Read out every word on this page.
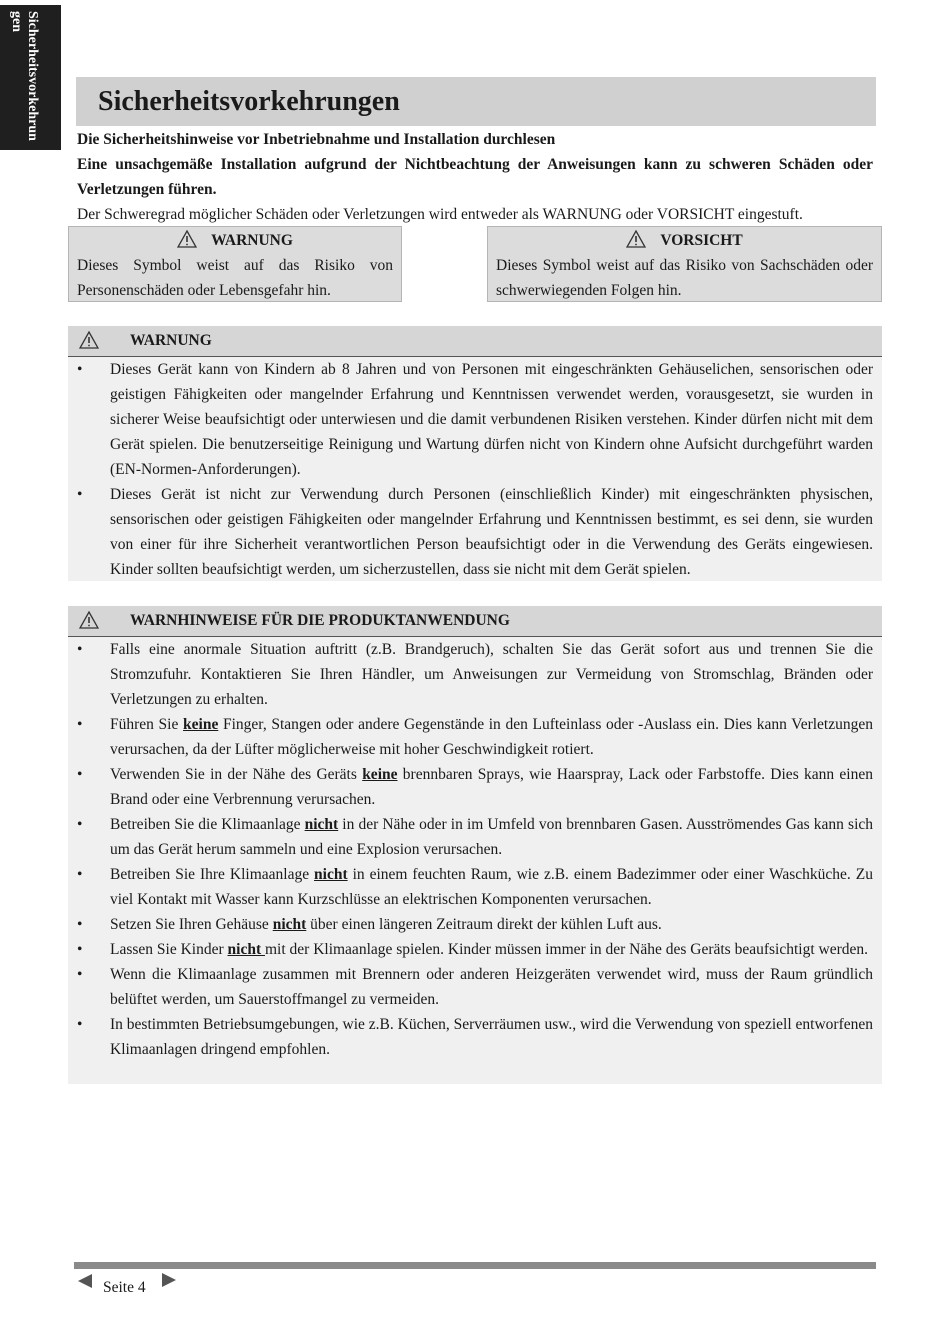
Sicherheitsvorkehrungen
Sicherheitsvorkehrungen

Die Sicherheitshinweise vor Inbetriebnahme und Installation durchlesen

Eine unsachgemäße Installation aufgrund der Nichtbeachtung der Anweisungen kann zu schweren Schäden oder Verletzungen führen.

Der Schweregrad möglicher Schäden oder Verletzungen wird entweder als WARNUNG oder VORSICHT eingestuft.

WARNUNG
Dieses Symbol weist auf das Risiko von Personenschäden oder Lebensgefahr hin.
VORSICHT
Dieses Symbol weist auf das Risiko von Sachschäden oder schwerwiegenden Folgen hin.
WARNUNG
• Dieses Gerät kann von Kindern ab 8 Jahren und von Personen mit eingeschränkten Gehäuselichen, sensorischen oder geistigen Fähigkeiten oder mangelnder Erfahrung und Kenntnissen verwendet werden, vorausgesetzt, sie wurden in sicherer Weise beaufsichtigt oder unterwiesen und die damit verbundenen Risiken verstehen. Kinder dürfen nicht mit dem Gerät spielen. Die benutzerseitige Reinigung und Wartung dürfen nicht von Kindern ohne Aufsicht durchgeführt warden (EN-Normen-Anforderungen).
• Dieses Gerät ist nicht zur Verwendung durch Personen (einschließlich Kinder) mit eingeschränkten physischen, sensorischen oder geistigen Fähigkeiten oder mangelnder Erfahrung und Kenntnissen bestimmt, es sei denn, sie wurden von einer für ihre Sicherheit verantwortlichen Person beaufsichtigt oder in die Verwendung des Geräts eingewiesen. Kinder sollten beaufsichtigt werden, um sicherzustellen, dass sie nicht mit dem Gerät spielen.
WARNHINWEISE FÜR DIE PRODUKTANWENDUNG
• Falls eine anormale Situation auftritt (z.B. Brandgeruch), schalten Sie das Gerät sofort aus und trennen Sie die Stromzufuhr. Kontaktieren Sie Ihren Händler, um Anweisungen zur Vermeidung von Stromschlag, Bränden oder Verletzungen zu erhalten.
• Führen Sie keine Finger, Stangen oder andere Gegenstände in den Lufteinlass oder -Auslass ein. Dies kann Verletzungen verursachen, da der Lüfter möglicherweise mit hoher Geschwindigkeit rotiert.
• Verwenden Sie in der Nähe des Geräts keine brennbaren Sprays, wie Haarspray, Lack oder Farbstoffe. Dies kann einen Brand oder eine Verbrennung verursachen.
• Betreiben Sie die Klimaanlage nicht in der Nähe oder in im Umfeld von brennbaren Gasen. Ausströmendes Gas kann sich um das Gerät herum sammeln und eine Explosion verursachen.
• Betreiben Sie Ihre Klimaanlage nicht in einem feuchten Raum, wie z.B. einem Badezimmer oder einer Waschküche. Zu viel Kontakt mit Wasser kann Kurzschlüsse an elektrischen Komponenten verursachen.
• Setzen Sie Ihren Gehäuse nicht über einen längeren Zeitraum direkt der kühlen Luft aus.
• Lassen Sie Kinder nicht mit der Klimaanlage spielen. Kinder müssen immer in der Nähe des Geräts beaufsichtigt werden.
• Wenn die Klimaanlage zusammen mit Brennern oder anderen Heizgeräten verwendet wird, muss der Raum gründlich belüftet werden, um Sauerstoffmangel zu vermeiden.
• In bestimmten Betriebsumgebungen, wie z.B. Küchen, Serverräumen usw., wird die Verwendung von speziell entworfenen Klimaanlagen dringend empfohlen.
Seite 4
